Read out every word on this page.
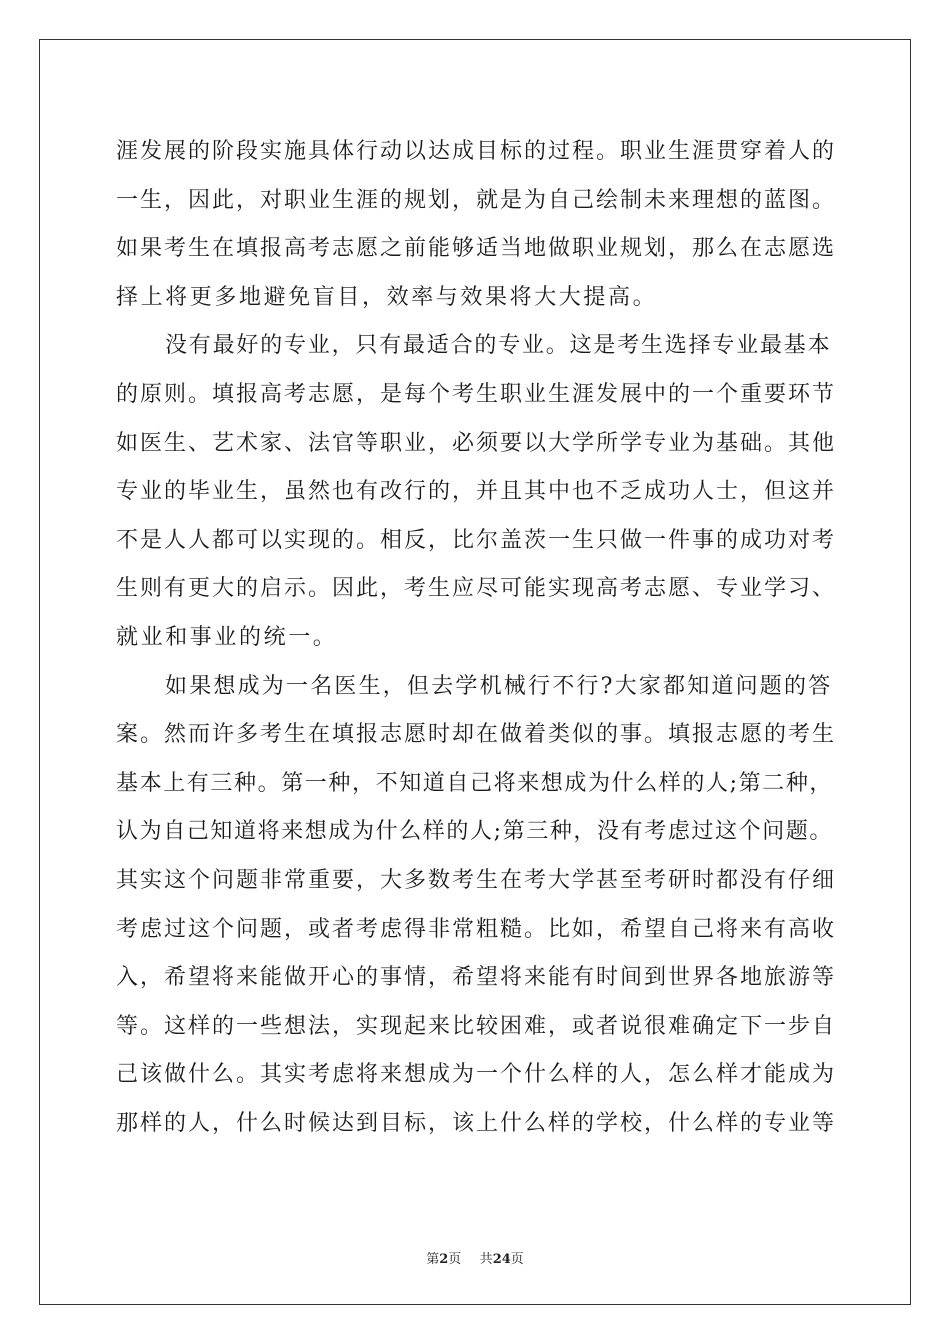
涯发展的阶段实施具体行动以达成目标的过程。职业生涯贯穿着人的
一生，因此，对职业生涯的规划，就是为自己绘制未来理想的蓝图。
如果考生在填报高考志愿之前能够适当地做职业规划，那么在志愿选
择上将更多地避免盲目，效率与效果将大大提高。
没有最好的专业，只有最适合的专业。这是考生选择专业最基本
的原则。填报高考志愿，是每个考生职业生涯发展中的一个重要环节
如医生、艺术家、法官等职业，必须要以大学所学专业为基础。其他
专业的毕业生，虽然也有改行的，并且其中也不乏成功人士，但这并
不是人人都可以实现的。相反，比尔盖茨一生只做一件事的成功对考
生则有更大的启示。因此，考生应尽可能实现高考志愿、专业学习、
就业和事业的统一。
如果想成为一名医生，但去学机械行不行?大家都知道问题的答
案。然而许多考生在填报志愿时却在做着类似的事。填报志愿的考生
基本上有三种。第一种，不知道自己将来想成为什么样的人;第二种，
认为自己知道将来想成为什么样的人;第三种，没有考虑过这个问题。
其实这个问题非常重要，大多数考生在考大学甚至考研时都没有仔细
考虑过这个问题，或者考虑得非常粗糙。比如，希望自己将来有高收
入，希望将来能做开心的事情，希望将来能有时间到世界各地旅游等
等。这样的一些想法，实现起来比较困难，或者说很难确定下一步自
己该做什么。其实考虑将来想成为一个什么样的人，怎么样才能成为
那样的人，什么时候达到目标，该上什么样的学校，什么样的专业等
第2页 共24页
